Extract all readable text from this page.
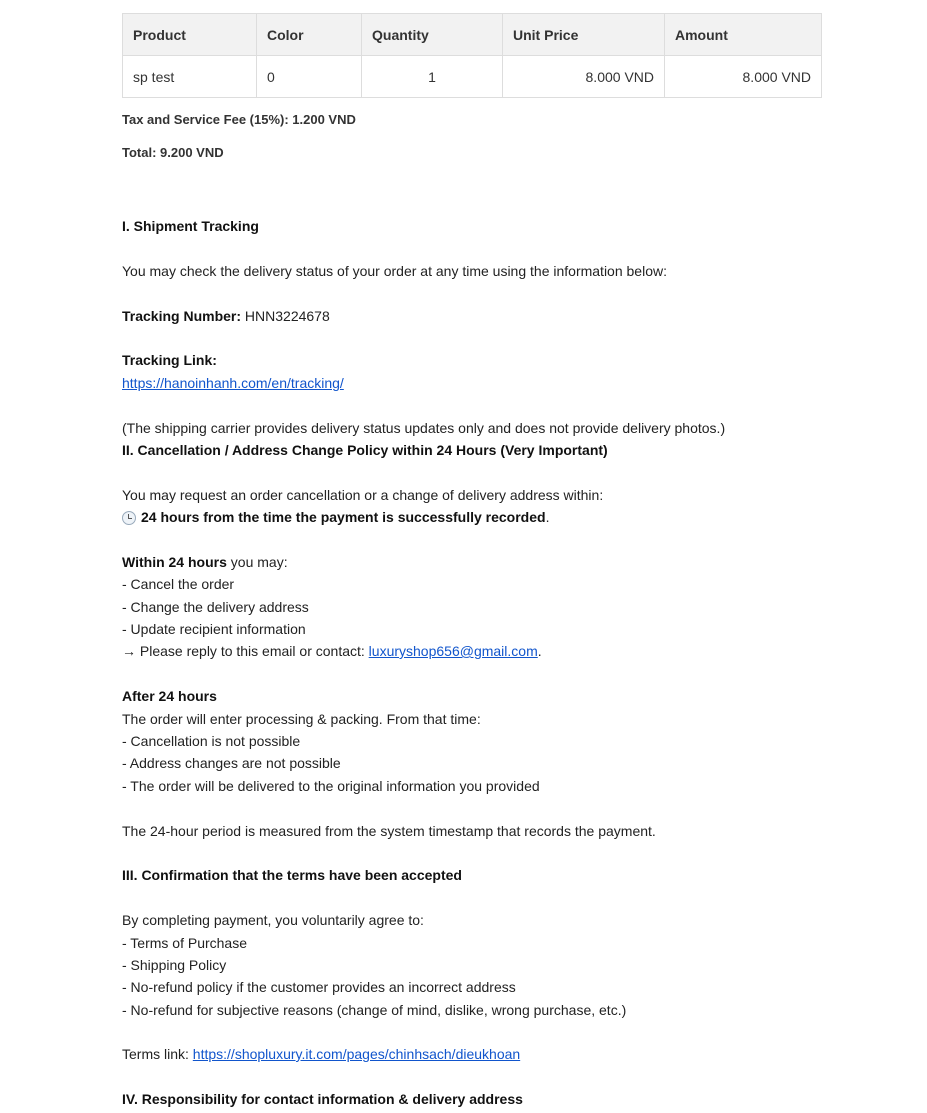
Product	Color	Quantity	Unit Price	Amount
sp test	0	1	8.000 VND	8.000 VND
Tax and Service Fee (15%): 1.200 VND
Total: 9.200 VND
I. Shipment Tracking
You may check the delivery status of your order at any time using the information below:
Tracking Number: HNN3224678
Tracking Link:
https://hanoinhanh.com/en/tracking/
(The shipping carrier provides delivery status updates only and does not provide delivery photos.)
II. Cancellation / Address Change Policy within 24 Hours (Very Important)
You may request an order cancellation or a change of delivery address within:
24 hours from the time the payment is successfully recorded.
Within 24 hours you may:
- Cancel the order
- Change the delivery address
- Update recipient information
→ Please reply to this email or contact: luxuryshop656@gmail.com.
After 24 hours
The order will enter processing & packing. From that time:
- Cancellation is not possible
- Address changes are not possible
- The order will be delivered to the original information you provided
The 24-hour period is measured from the system timestamp that records the payment.
III. Confirmation that the terms have been accepted
By completing payment, you voluntarily agree to:
- Terms of Purchase
- Shipping Policy
- No-refund policy if the customer provides an incorrect address
- No-refund for subjective reasons (change of mind, dislike, wrong purchase, etc.)
Terms link: https://shopluxury.it.com/pages/chinhsach/dieukhoan
IV. Responsibility for contact information & delivery address
